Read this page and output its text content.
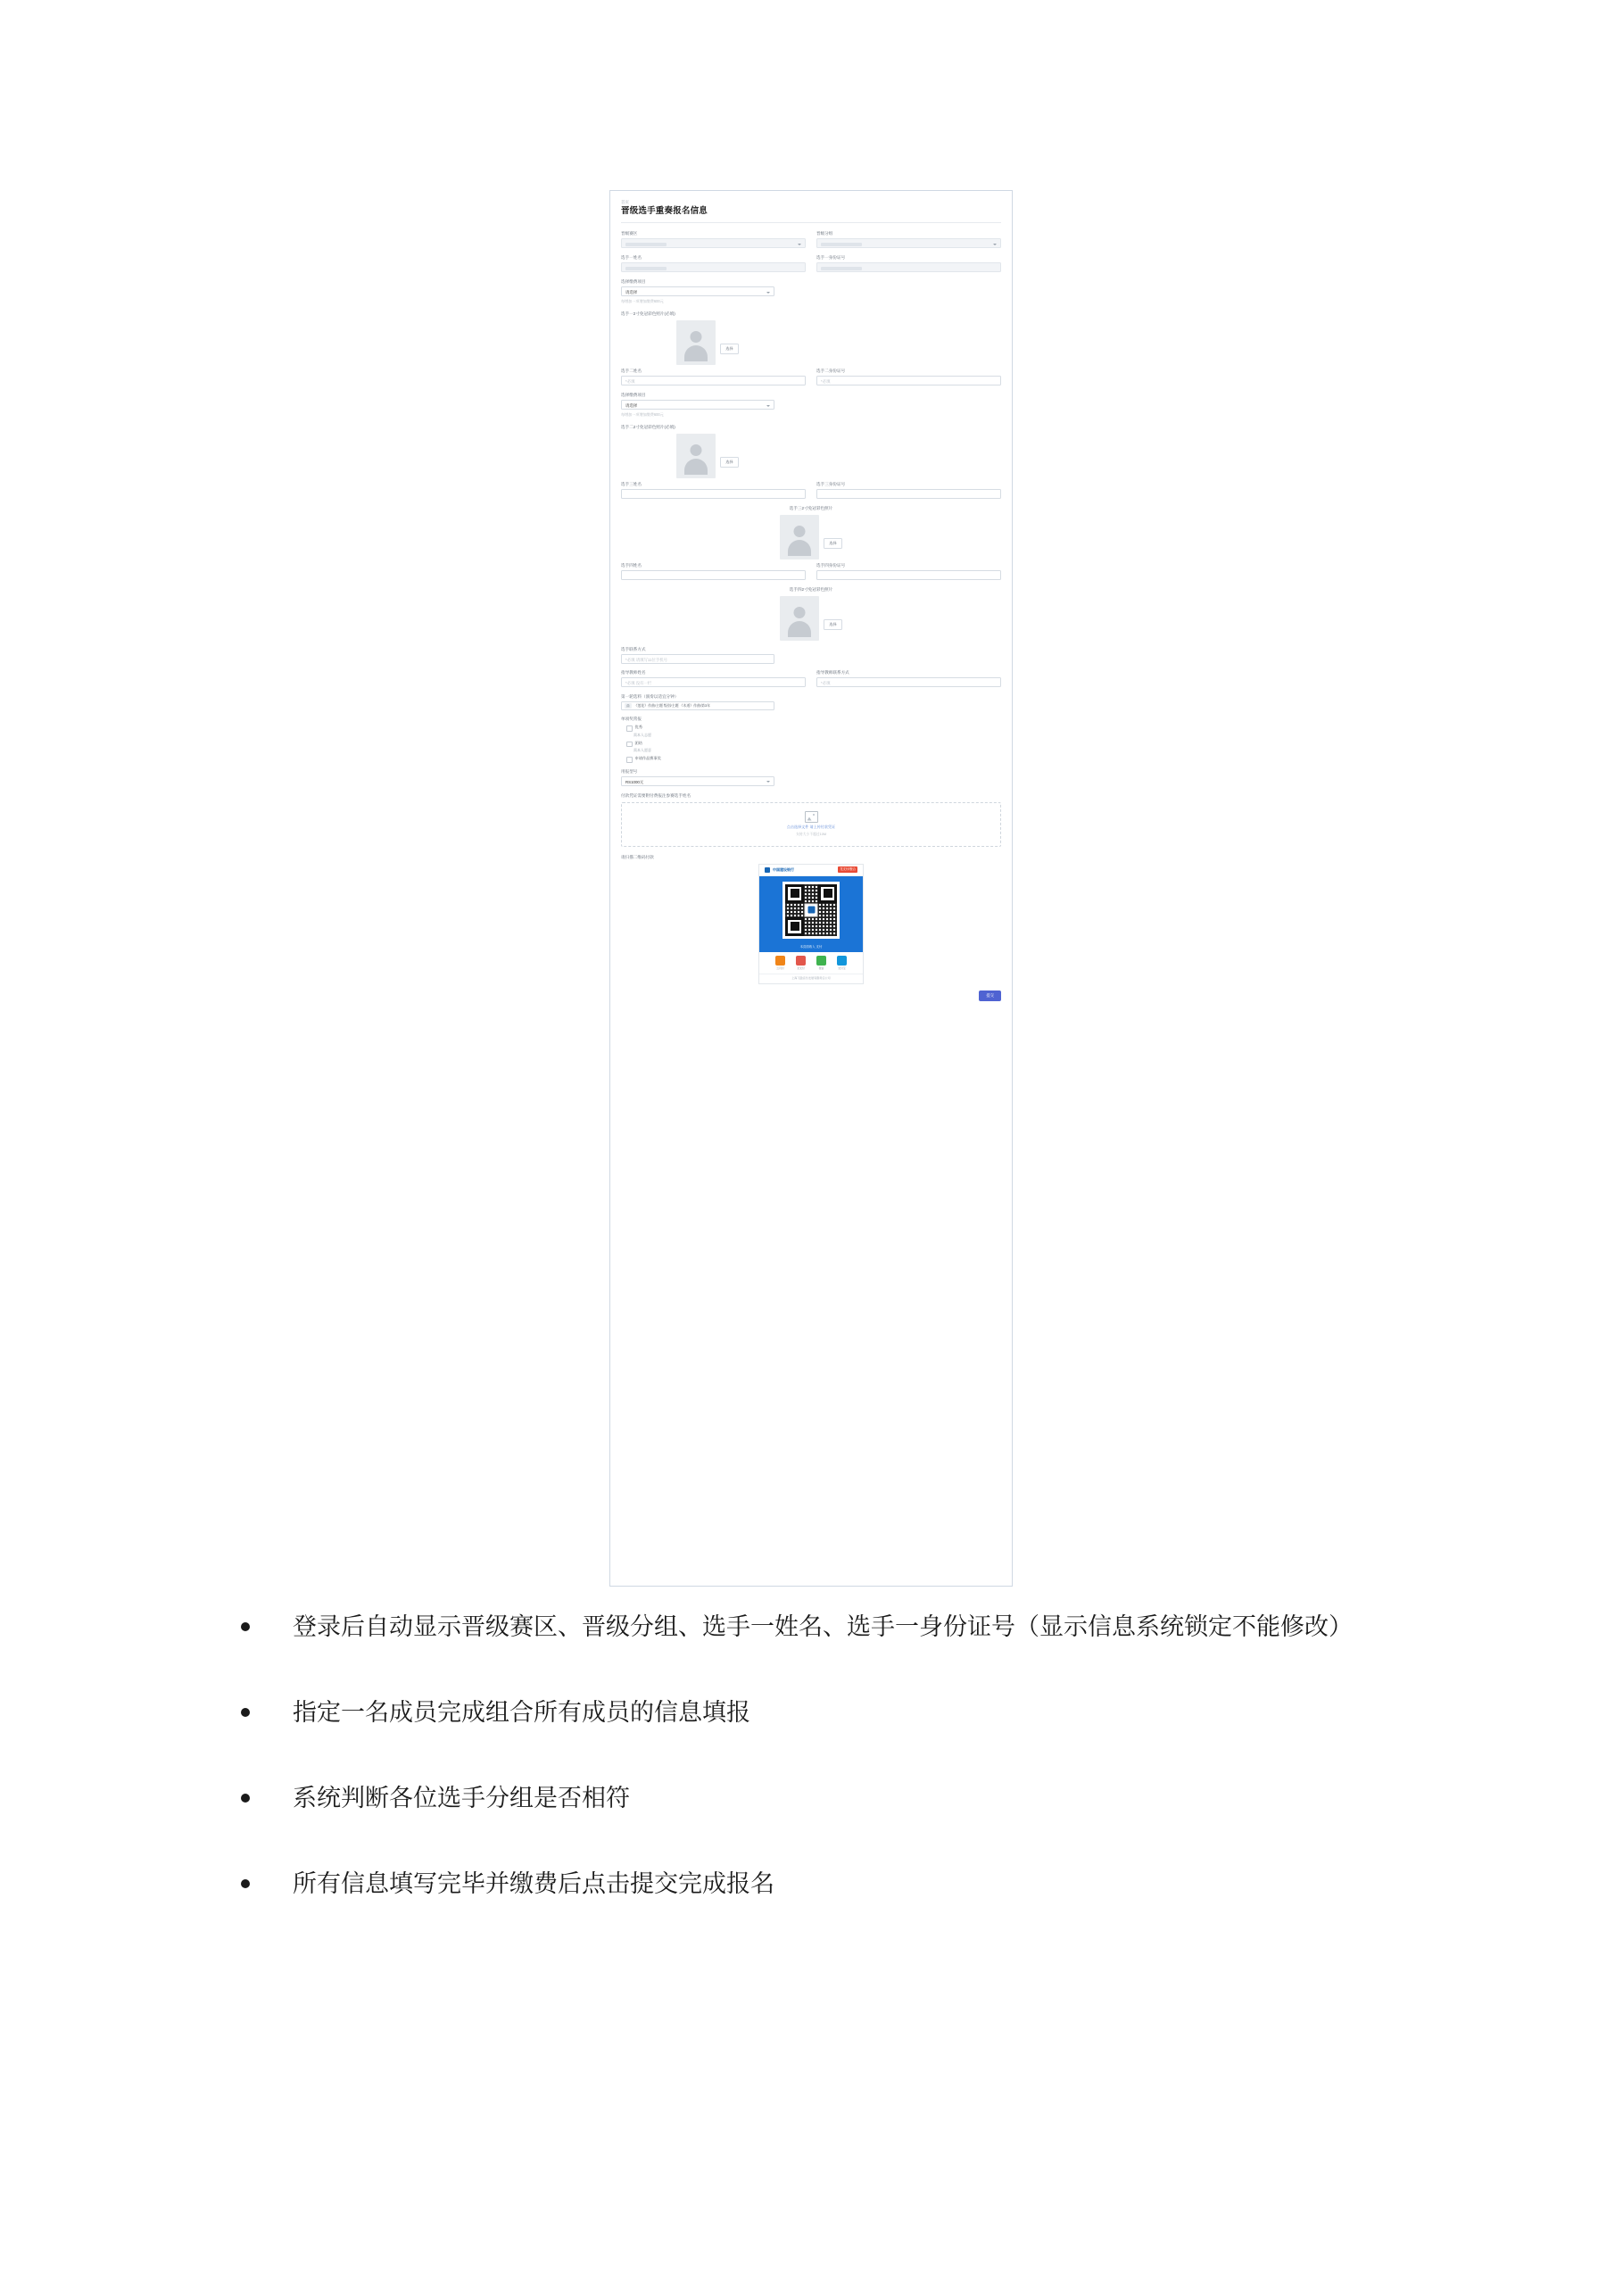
首页
晋级选手重奏报名信息
晋级赛区	晋级分组
选手一姓名	选手一身份证号
选择缴费项目
请选择
每增加一项增加缴费600元
选手一2寸免冠彩色照片(必填)
选择
选手二姓名
*必填
选手二身份证号
*必填
选择缴费项目
请选择
每增加一项增加缴费600元
选手二2寸免冠彩色照片(必填)
选择
选手三姓名	选手三身份证号
选手三2寸免冠彩色照片
选择
选手四姓名	选手四身份证号
选手四2寸免冠彩色照片
选择
选手联系方式
*必填 请填写11位手机号
指导教师姓名
*必填 没有一栏
指导教师联系方式
*必填
第一轮选料（演奏以适宜分钟）
曲	《莲花》作曲/主题 级别/主题 《木道》作曲/第3年
单项奖常报
优秀
需本人志愿
团结
需本人愿意
申请作品赛事奖
用报型号
RS1000元
付款凭证需要附付费报注参赛选手姓名
点击选择文件 请上传付款凭证
支持大小不超过10M
请扫描二维码付款
中国建设银行	龙支付/聚合
本页面收入 支付
云闪付	龙支付	微信	支付宝
上海飞盈音乐发展有限责任公司
提交
登录后自动显示晋级赛区、晋级分组、选手一姓名、选手一身份证号（显示信息系统锁定不能修改）
指定一名成员完成组合所有成员的信息填报
系统判断各位选手分组是否相符
所有信息填写完毕并缴费后点击提交完成报名
